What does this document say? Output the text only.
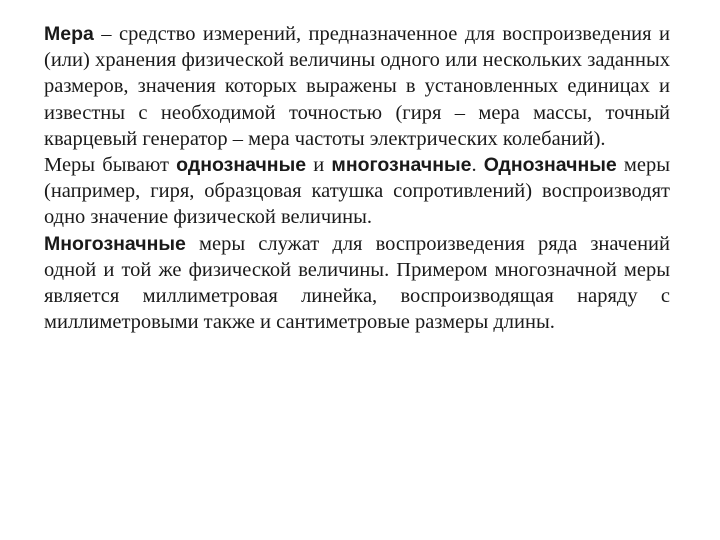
Мера – средство измерений, предназначенное для воспроизведения и (или) хранения физической величины одного или нескольких заданных размеров, значения которых выражены в установленных единицах и известны с необходимой точностью (гиря – мера массы, точный кварцевый генератор – мера частоты электрических колебаний).

Меры бывают однозначные и многозначные. Однозначные меры (например, гиря, образцовая катушка сопротивлений) воспроизводят одно значение физической величины.

Многозначные меры служат для воспроизведения ряда значений одной и той же физической величины. Примером многозначной меры является миллиметровая линейка, воспроизводящая наряду с миллиметровыми также и сантиметровые размеры длины.
